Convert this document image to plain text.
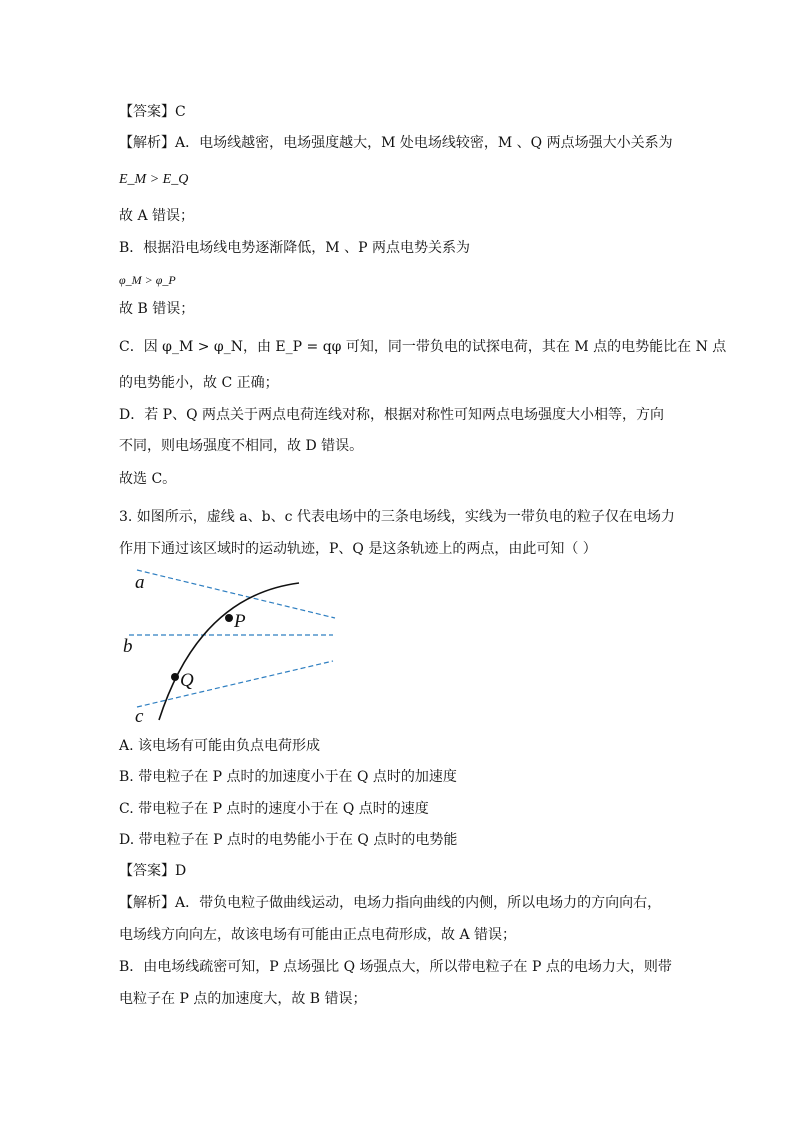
【答案】C
【解析】A．电场线越密，电场强度越大，M 处电场线较密，M 、Q 两点场强大小关系为
E_M > E_Q
故 A 错误；
B．根据沿电场线电势逐渐降低，M 、P 两点电势关系为
φ_M > φ_P
故 B 错误；
C．因 φ_M > φ_N，由 E_P = qφ 可知，同一带负电的试探电荷，其在 M 点的电势能比在 N 点
的电势能小，故 C 正确；
D．若 P、Q 两点关于两点电荷连线对称，根据对称性可知两点电场强度大小相等，方向
不同，则电场强度不相同，故 D 错误。
故选 C。
3. 如图所示，虚线 a、b、c 代表电场中的三条电场线，实线为一带负电的粒子仅在电场力
作用下通过该区域时的运动轨迹，P、Q 是这条轨迹上的两点，由此可知（ ）
a
b
c
P
Q
A. 该电场有可能由负点电荷形成
B. 带电粒子在 P 点时的加速度小于在 Q 点时的加速度
C. 带电粒子在 P 点时的速度小于在 Q 点时的速度
D. 带电粒子在 P 点时的电势能小于在 Q 点时的电势能
【答案】D
【解析】A．带负电粒子做曲线运动，电场力指向曲线的内侧，所以电场力的方向向右，
电场线方向向左，故该电场有可能由正点电荷形成，故 A 错误；
B．由电场线疏密可知，P 点场强比 Q 场强点大，所以带电粒子在 P 点的电场力大，则带
电粒子在 P 点的加速度大，故 B 错误；
